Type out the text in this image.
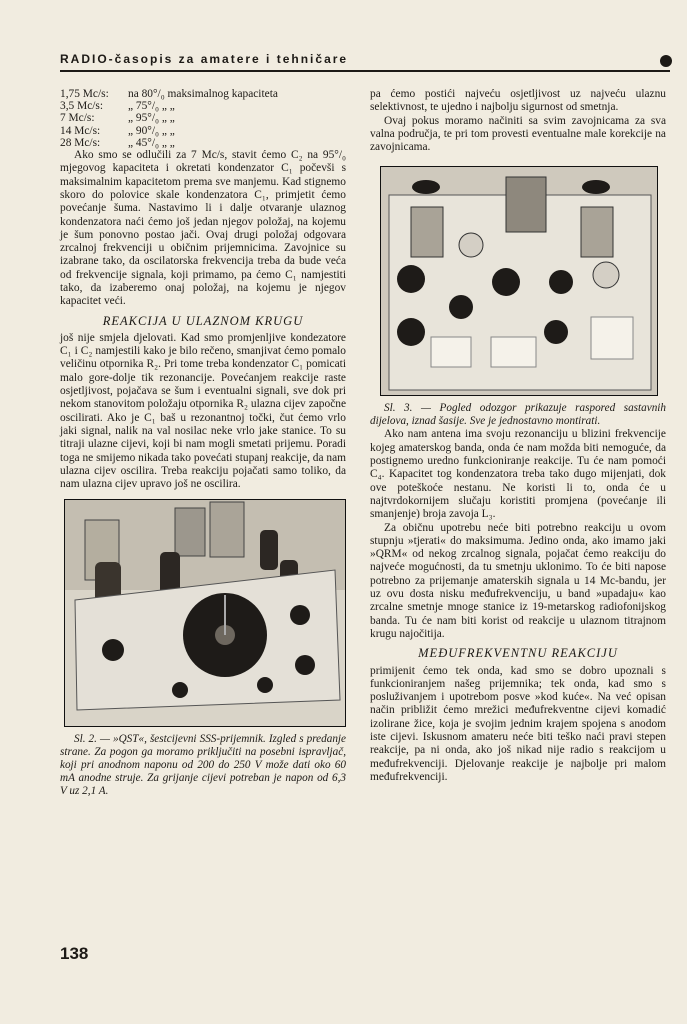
RADIO-časopis za amatere i tehničare
1,75 Mc/s:	na 80°/₀ maksimalnog kapaciteta
3,5 Mc/s:	„ 75°/₀ „ „
7 Mc/s:	„ 95°/₀ „ „
14 Mc/s:	„ 90°/₀ „ „
28 Mc/s:	„ 45°/₀ „ „

Ako smo se odlučili za 7 Mc/s, stavit ćemo C₂ na 95°/₀ mjegovog kapaciteta i okretati kondenzator C₁ počevši s maksimalnim kapacitetom prema sve manjemu. Kad stignemo skoro do polovice skale kondenzatora C₁, primjetit ćemo povećanje šuma. Nastavimo li i dalje otvaranje ulaznog kondenzatora naći ćemo još jedan njegov položaj, na kojemu je šum ponovno postao jači. Ovaj drugi položaj odgovara zrcalnoj frekvenciji u običnim prijemnicima. Zavojnice su izabrane tako, da oscilatorska frekvencija treba da bude veća od frekvencije signala, koji primamo, pa ćemo C₁ namjestiti tako, da izaberemo onaj položaj, na kojemu je njegov kapacitet veći.

REAKCIJA U ULAZNOM KRUGU

još nije smjela djelovati. Kad smo promjenljive kondezatore C₁ i C₂ namjestili kako je bilo rečeno, smanjivat ćemo pomalo veličinu otpornika R₂. Pri tome treba kondenzator C₁ pomicati malo gore-dolje tik rezonancije. Povećanjem reakcije raste osjetljivost, pojačava se šum i eventualni signali, sve dok pri nekom stanovitom položaju otpornika R₂ ulazna cijev započne oscilirati. Ako je C₁ baš u rezonantnoj točki, čut ćemo vrlo jaki signal, nalik na val nosilac neke vrlo jake stanice. To su titraji ulazne cijevi, koji bi nam mogli smetati prijemu. Poradi toga ne smijemo nikada tako povećati stupanj reakcije, da nam ulazna cijev oscilira. Treba reakciju pojačati samo toliko, da nam ulazna cijev upravo još ne oscilira.

Sl. 2. — »QST«, šestcijevni SSS-prijemnik. Izgled s predanje strane. Za pogon ga moramo priključiti na posebni ispravljač, koji pri anodnom naponu od 200 do 250 V može dati oko 60 mA anodne struje. Za grijanje cijevi potreban je napon od 6,3 V uz 2,1 A.

pa ćemo postići najveću osjetljivost uz najveću ulaznu selektivnost, te ujedno i najbolju sigurnost od smetnja.

Ovaj pokus moramo načiniti sa svim zavojnicama za sva valna područja, te pri tom provesti eventualne male korekcije na zavojnicama.

Sl. 3. — Pogled odozgor prikazuje raspored sastavnih dijelova, iznad šasije. Sve je jednostavno montirati.

Ako nam antena ima svoju rezonanciju u blizini frekvencije kojeg amaterskog banda, onda će nam možda biti nemoguće, da postignemo uredno funkcioniranje reakcije. Tu će nam pomoći C₄. Kapacitet tog kondenzatora treba tako dugo mijenjati, dok ove poteškoće nestanu. Ne koristi li to, onda će u najtvrdokornijem slučaju koristiti promjena (povećanje ili smanjenje) broja zavoja L₃.

Za običnu upotrebu neće biti potrebno reakciju u ovom stupnju »tjerati« do maksimuma. Jedino onda, ako imamo jaki »QRM« od nekog zrcalnog signala, pojačat ćemo reakciju do najveće mogućnosti, da tu smetnju uklonimo. To će biti napose potrebno za prijemanje amaterskih signala u 14 Mc-bandu, jer uz ovu dosta nisku međufrekvenciju, u band »upadaju« kao zrcalne smetnje mnoge stanice iz 19-metarskog radiofonijskog banda. Tu će nam biti korist od reakcije u ulaznom titrajnom krugu najočitija.

MEĐUFREKVENTNU REAKCIJU

primijenit ćemo tek onda, kad smo se dobro upoznali s funkcioniranjem našeg prijemnika; tek onda, kad smo s posluživanjem i upotrebom posve »kod kuće«. Na već opisan način približit ćemo mrežici međufrekventne cijevi komadić izolirane žice, koja je svojim jednim krajem spojena s anodom iste cijevi. Iskusnom amateru neće biti teško naći pravi stepen reakcije, pa ni onda, ako još nikad nije radio s reakcijom u međufrekvenciji. Djelovanje reakcije je najbolje pri malom međufrekvenciji.

138
